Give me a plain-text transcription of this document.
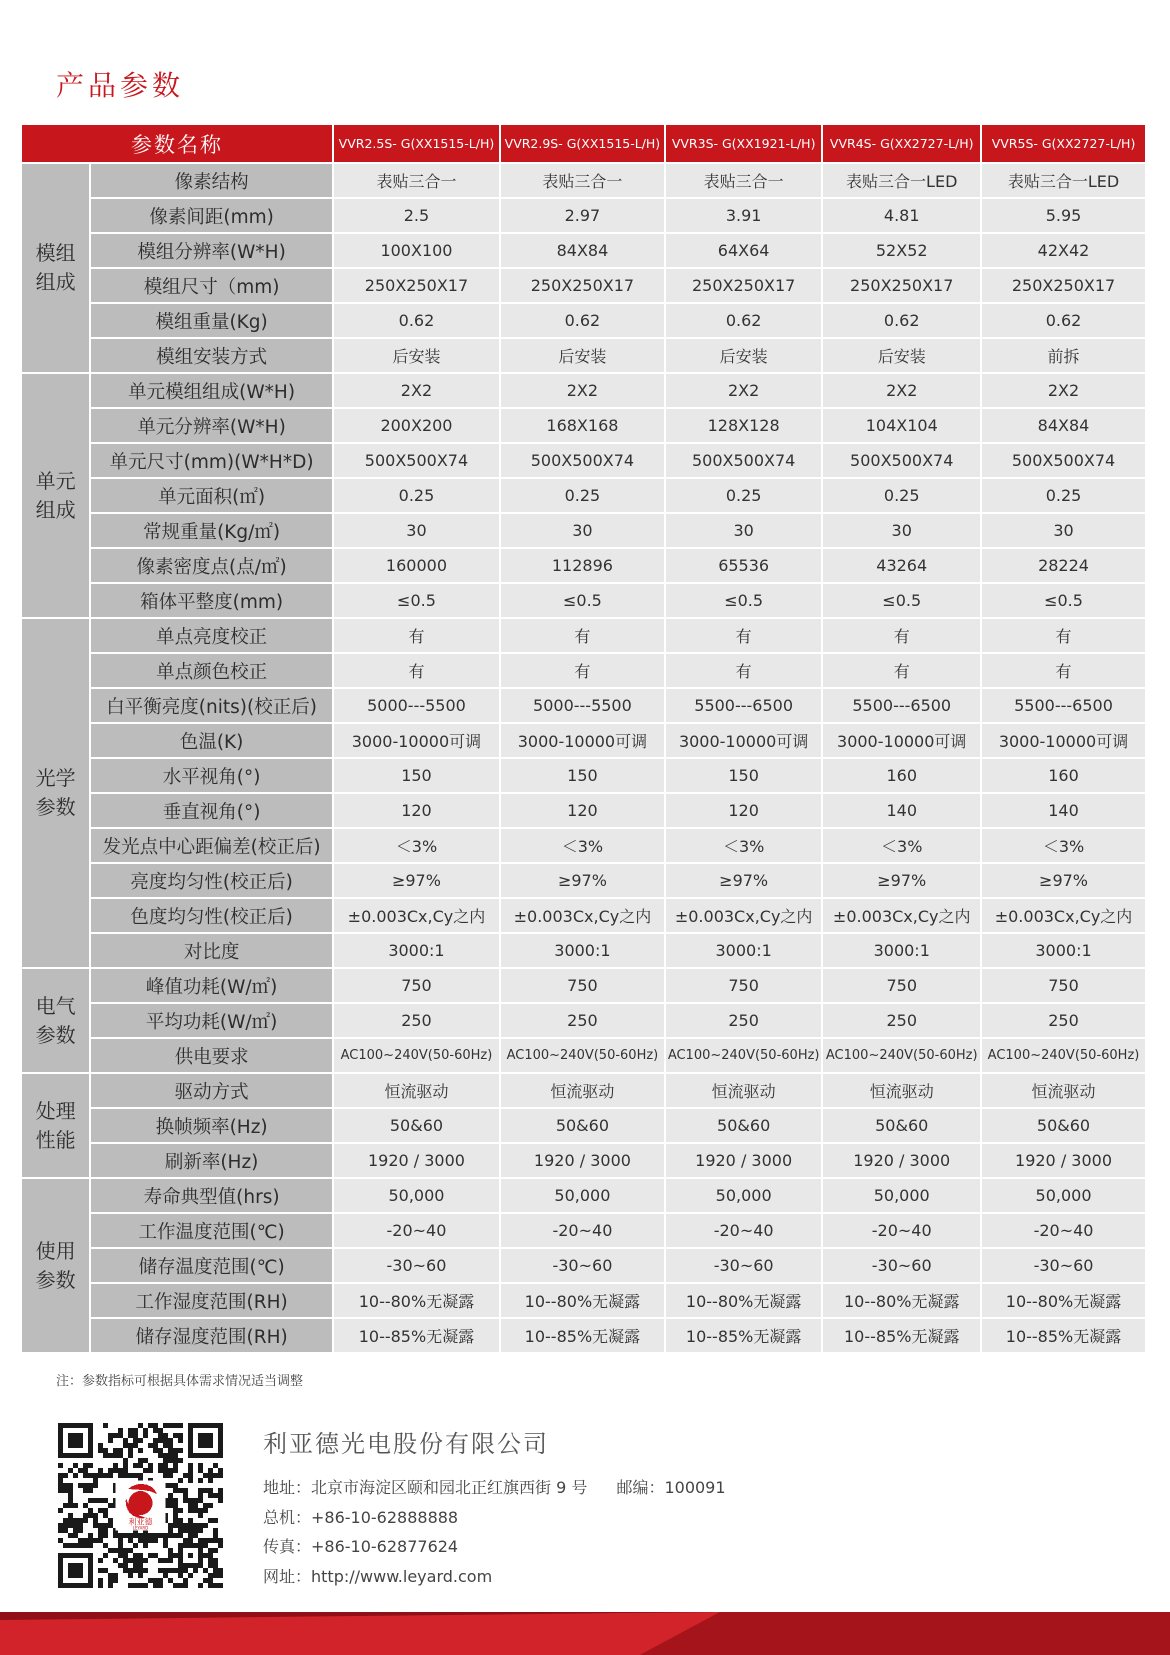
产品参数
参数名称		VVR2.5S- G(XX1515-L/H)	VVR2.9S- G(XX1515-L/H)	VVR3S- G(XX1921-L/H)	VVR4S- G(XX2727-L/H)	VVR5S- G(XX2727-L/H)
模组
组成	像素结构	表贴三合一	表贴三合一	表贴三合一	表贴三合一LED	表贴三合一LED
	像素间距(mm)	2.5	2.97	3.91	4.81	5.95
	模组分辨率(W*H)	100X100	84X84	64X64	52X52	42X42
	模组尺寸（mm)	250X250X17	250X250X17	250X250X17	250X250X17	250X250X17
	模组重量(Kg)	0.62	0.62	0.62	0.62	0.62
	模组安装方式	后安装	后安装	后安装	后安装	前拆
单元
组成	单元模组组成(W*H)	2X2	2X2	2X2	2X2	2X2
	单元分辨率(W*H)	200X200	168X168	128X128	104X104	84X84
	单元尺寸(mm)(W*H*D)	500X500X74	500X500X74	500X500X74	500X500X74	500X500X74
	单元面积(㎡)	0.25	0.25	0.25	0.25	0.25
	常规重量(Kg/㎡)	30	30	30	30	30
	像素密度点(点/㎡)	160000	112896	65536	43264	28224
	箱体平整度(mm)	≤0.5	≤0.5	≤0.5	≤0.5	≤0.5
光学
参数	单点亮度校正	有	有	有	有	有
	单点颜色校正	有	有	有	有	有
	白平衡亮度(nits)(校正后)	5000---5500	5000---5500	5500---6500	5500---6500	5500---6500
	色温(K)	3000-10000可调	3000-10000可调	3000-10000可调	3000-10000可调	3000-10000可调
	水平视角(°)	150	150	150	160	160
	垂直视角(°)	120	120	120	140	140
	发光点中心距偏差(校正后)	＜3%	＜3%	＜3%	＜3%	＜3%
	亮度均匀性(校正后)	≥97%	≥97%	≥97%	≥97%	≥97%
	色度均匀性(校正后)	±0.003Cx,Cy之内	±0.003Cx,Cy之内	±0.003Cx,Cy之内	±0.003Cx,Cy之内	±0.003Cx,Cy之内
	对比度	3000:1	3000:1	3000:1	3000:1	3000:1
电气
参数	峰值功耗(W/㎡)	750	750	750	750	750
	平均功耗(W/㎡)	250	250	250	250	250
	供电要求	AC100~240V(50-60Hz)	AC100~240V(50-60Hz)	AC100~240V(50-60Hz)	AC100~240V(50-60Hz)	AC100~240V(50-60Hz)
处理
性能	驱动方式	恒流驱动	恒流驱动	恒流驱动	恒流驱动	恒流驱动
	换帧频率(Hz)	50&60	50&60	50&60	50&60	50&60
	刷新率(Hz)	1920 / 3000	1920 / 3000	1920 / 3000	1920 / 3000	1920 / 3000
使用
参数	寿命典型值(hrs)	50,000	50,000	50,000	50,000	50,000
	工作温度范围(℃)	-20~40	-20~40	-20~40	-20~40	-20~40
	储存温度范围(℃)	-30~60	-30~60	-30~60	-30~60	-30~60
	工作湿度范围(RH)	10--80%无凝露	10--80%无凝露	10--80%无凝露	10--80%无凝露	10--80%无凝露
	储存湿度范围(RH)	10--85%无凝露	10--85%无凝露	10--85%无凝露	10--85%无凝露	10--85%无凝露
注：参数指标可根据具体需求情况适当调整
利亚德
利亚德光电股份有限公司
地址：北京市海淀区颐和园北正红旗西街 9 号 邮编：100091
总机：+86-10-62888888
传真：+86-10-62877624
网址：http://www.leyard.com
